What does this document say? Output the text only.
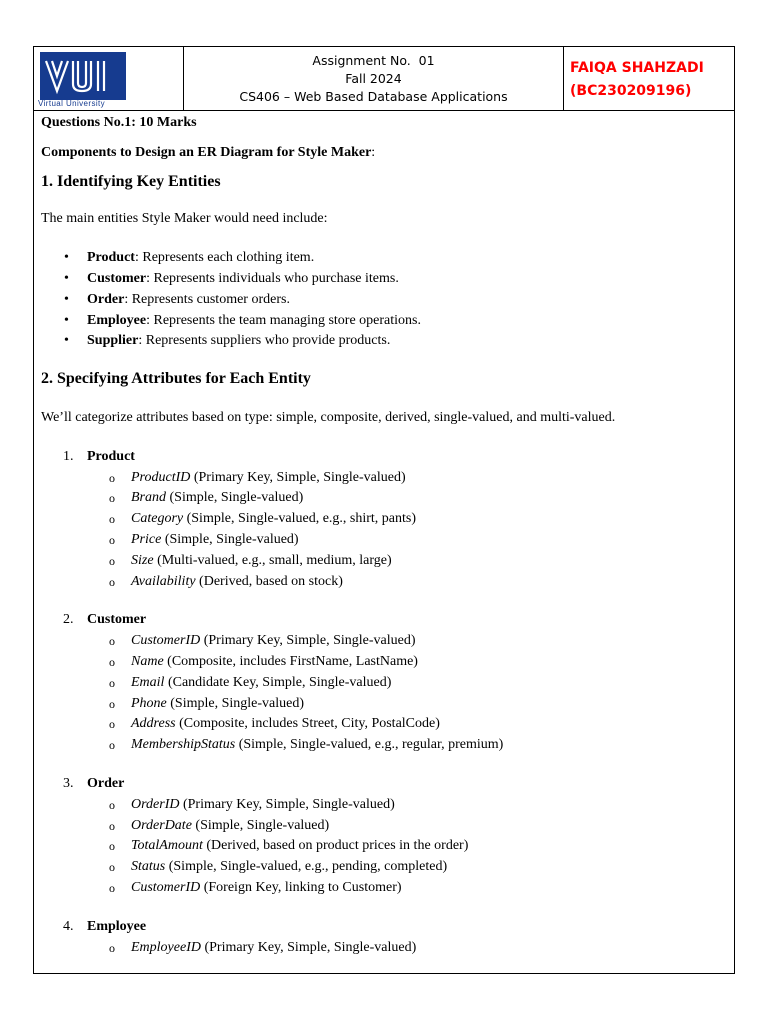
Virtual University
Assignment No.  01
Fall 2024
CS406 – Web Based Database Applications
FAIQA SHAHZADI
(BC230209196)

Questions No.1: 10 Marks

Components to Design an ER Diagram for Style Maker:

1. Identifying Key Entities

The main entities Style Maker would need include:

• Product: Represents each clothing item.
• Customer: Represents individuals who purchase items.
• Order: Represents customer orders.
• Employee: Represents the team managing store operations.
• Supplier: Represents suppliers who provide products.
2. Specifying Attributes for Each Entity

We’ll categorize attributes based on type: simple, composite, derived, single-valued, and multi-valued.

1. Product
o ProductID (Primary Key, Simple, Single-valued)
o Brand (Simple, Single-valued)
o Category (Simple, Single-valued, e.g., shirt, pants)
o Price (Simple, Single-valued)
o Size (Multi-valued, e.g., small, medium, large)
o Availability (Derived, based on stock)
2. Customer
o CustomerID (Primary Key, Simple, Single-valued)
o Name (Composite, includes FirstName, LastName)
o Email (Candidate Key, Simple, Single-valued)
o Phone (Simple, Single-valued)
o Address (Composite, includes Street, City, PostalCode)
o MembershipStatus (Simple, Single-valued, e.g., regular, premium)
3. Order
o OrderID (Primary Key, Simple, Single-valued)
o OrderDate (Simple, Single-valued)
o TotalAmount (Derived, based on product prices in the order)
o Status (Simple, Single-valued, e.g., pending, completed)
o CustomerID (Foreign Key, linking to Customer)
4. Employee
o EmployeeID (Primary Key, Simple, Single-valued)
